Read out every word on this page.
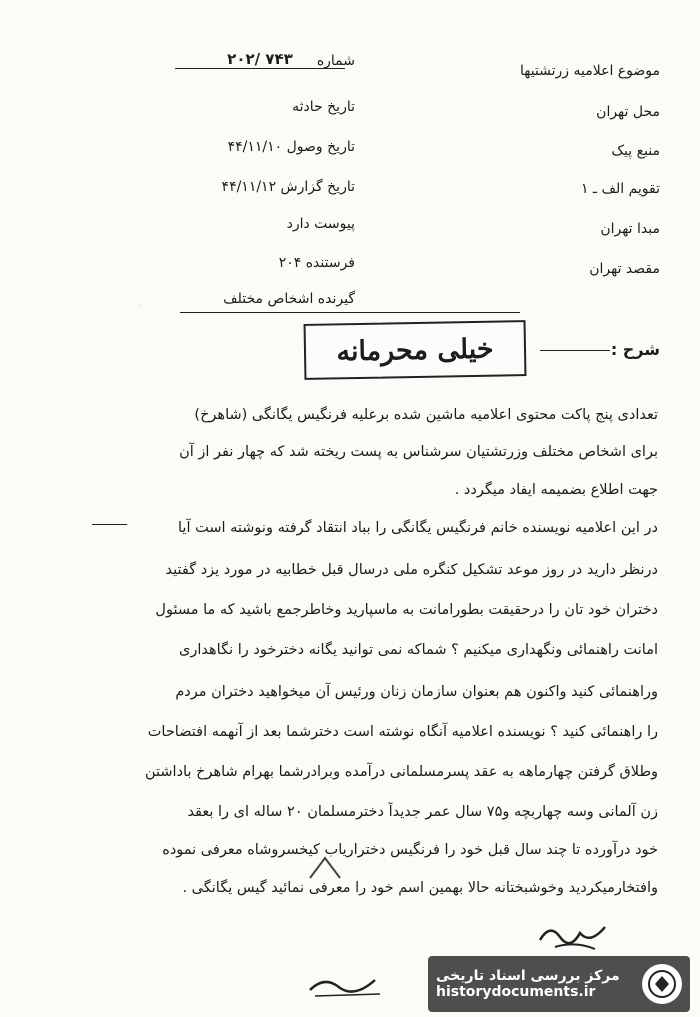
موضوع اعلامیه زرتشتیها
محل تهران
منبع پیک
تقویم الف ـ ۱
مبدا تهران
مقصد تهران
شماره
۲۰۲/ ۷۴۳
تاریخ حادثه
تاریخ وصول ۴۴/۱۱/۱۰
تاریخ گزارش ۴۴/۱۱/۱۲
پیوست دارد
فرستنده ۲۰۴
گیرنده اشخاص مختلف
خیلی محرمانه	شرح :
تعدادی پنج پاکت محتوی اعلامیه ماشین شده برعلیه فرنگیس یگانگی (شاهرخ)
برای اشخاص مختلف وزرتشتیان سرشناس به پست ریخته شد که چهار نفر از آن
جهت اطلاع بضمیمه ایفاد میگردد .
در این اعلامیه نویسنده خانم فرنگیس یگانگی را بباد انتقاد گرفته ونوشته است آیا
درنظر دارید در روز موعد تشکیل کنگره ملی درسال قبل خطابیه در مورد یزد گفتید
دختران خود تان را درحقیقت بطورامانت به ماسپارید وخاطرجمع باشید که ما مسئول
امانت راهنمائی ونگهداری میکنیم ؟ شماکه نمی توانید یگانه دخترخود را نگاهداری
وراهنمائی کنید واکنون هم بعنوان سازمان زنان ورئیس آن میخواهید دختران مردم
را راهنمائی کنید ؟ نویسنده اعلامیه آنگاه نوشته است دخترشما بعد از آنهمه افتضاحات
وطلاق گرفتن چهارماهه به عقد پسرمسلمانی درآمده وبرادرشما بهرام شاهرخ باداشتن
زن آلمانی وسه چهاربچه و۷۵ سال عمر جدیداً دخترمسلمان ۲۰ ساله ای را بعقد
خود درآورده تا چند سال قبل خود را فرنگیس دختراریاب کیخسروشاه معرفی نموده
وافتخارمیکردید وخوشبختانه حالا بهمین اسم خود را معرفی نمائید گیس یگانگی .
مرکز بررسی اسناد تاریخی
historydocuments.ir
